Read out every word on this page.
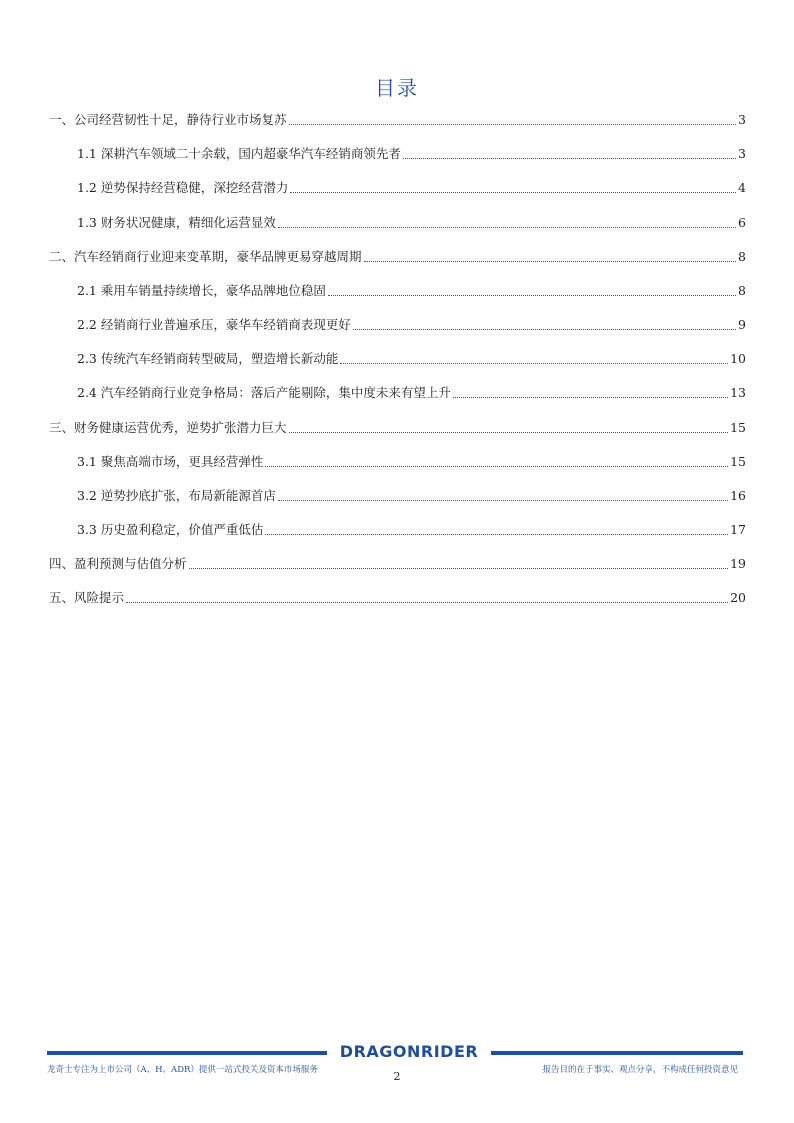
目录
一、公司经营韧性十足，静待行业市场复苏	3
1.1 深耕汽车领域二十余载，国内超豪华汽车经销商领先者	3
1.2 逆势保持经营稳健，深挖经营潜力	4
1.3 财务状况健康，精细化运营显效	6
二、汽车经销商行业迎来变革期，豪华品牌更易穿越周期	8
2.1 乘用车销量持续增长，豪华品牌地位稳固	8
2.2 经销商行业普遍承压，豪华车经销商表现更好	9
2.3 传统汽车经销商转型破局，塑造增长新动能	10
2.4 汽车经销商行业竞争格局：落后产能剔除，集中度未来有望上升	13
三、财务健康运营优秀，逆势扩张潜力巨大	15
3.1 聚焦高端市场，更具经营弹性	15
3.2 逆势抄底扩张，布局新能源首店	16
3.3 历史盈利稳定，价值严重低估	17
四、盈利预测与估值分析	19
五、风险提示	20
DRAGONRIDER
龙奇士专注为上市公司（A、H、ADR）提供一站式投关及资本市场服务	2	报告目的在于事实、观点分享，不构成任何投资意见
